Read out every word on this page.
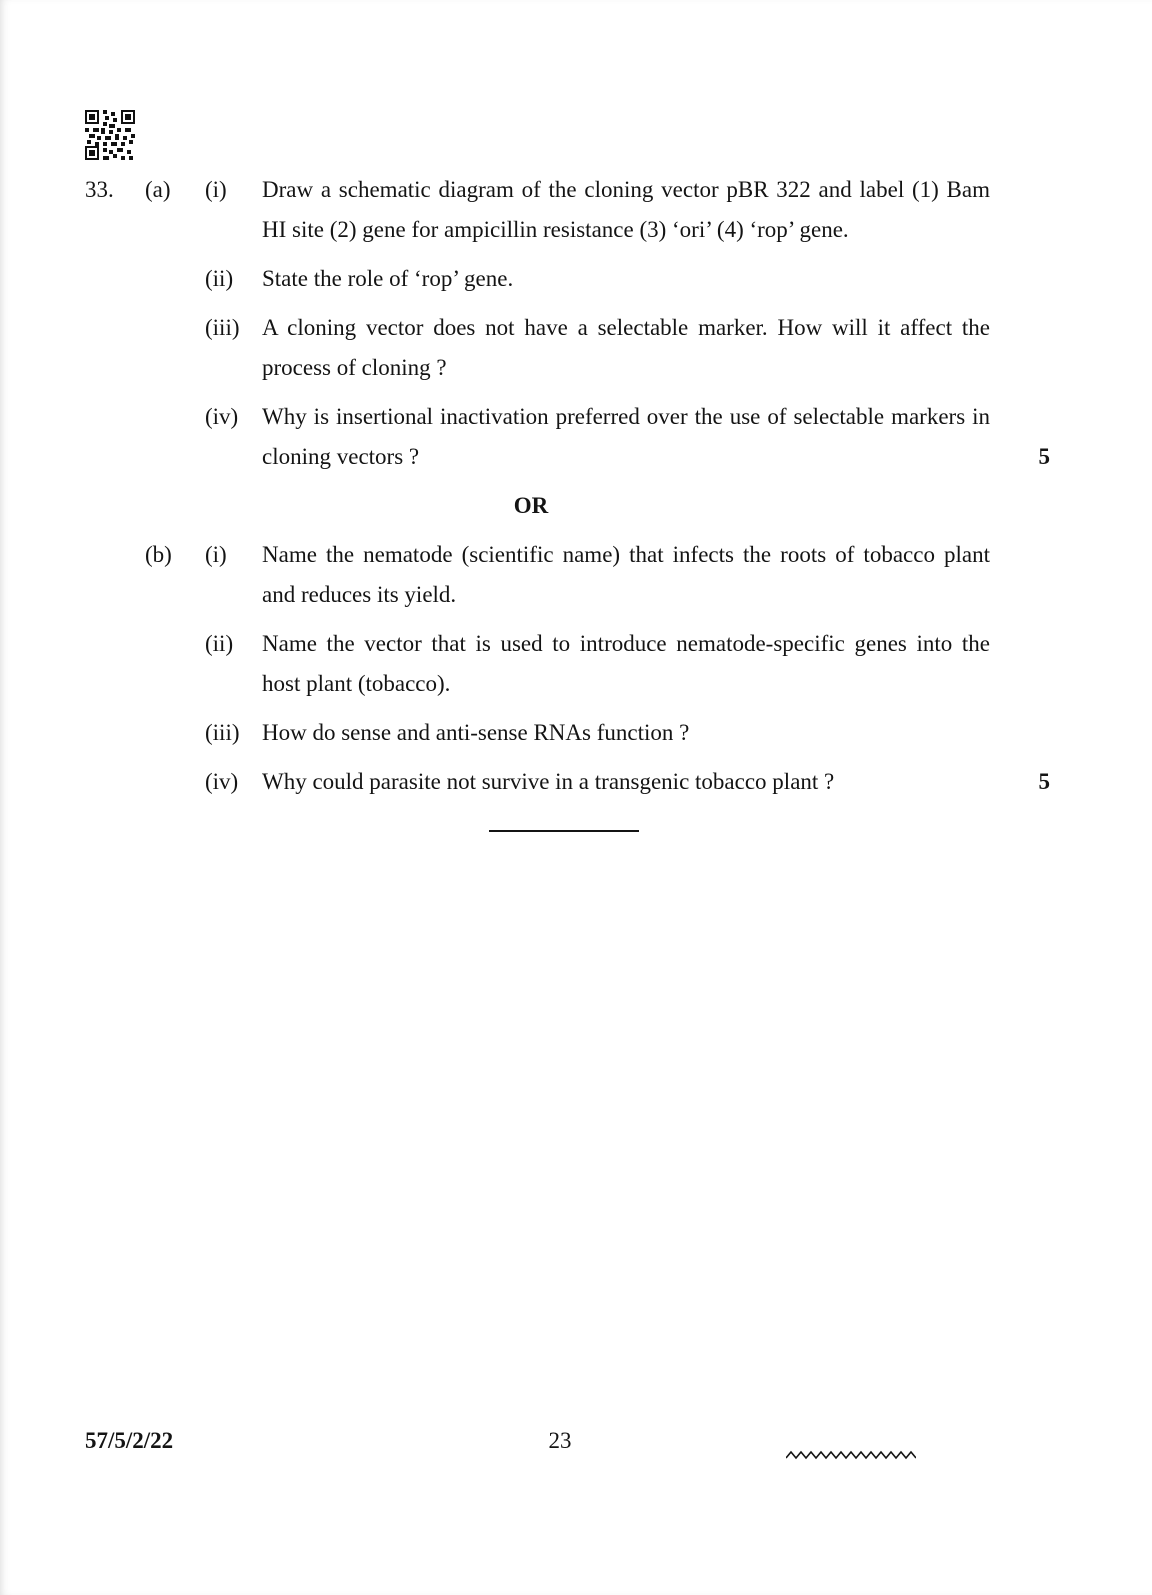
33.	(a)	(i)	Draw a schematic diagram of the cloning vector pBR 322 and label (1) Bam HI site (2) gene for ampicillin resistance (3) ‘ori’ (4) ‘rop’ gene.
(ii)	State the role of ‘rop’ gene.
(iii) A cloning vector does not have a selectable marker. How will it affect the process of cloning ?
(iv)	Why is insertional inactivation preferred over the use of selectable markers in cloning vectors ?	5
OR
(b)	(i)	Name the nematode (scientific name) that infects the roots of tobacco plant and reduces its yield.
(ii)	Name the vector that is used to introduce nematode-specific genes into the host plant (tobacco).
(iii) How do sense and anti-sense RNAs function ?
(iv)	Why could parasite not survive in a transgenic tobacco plant ?	5
57/5/2/22	23
